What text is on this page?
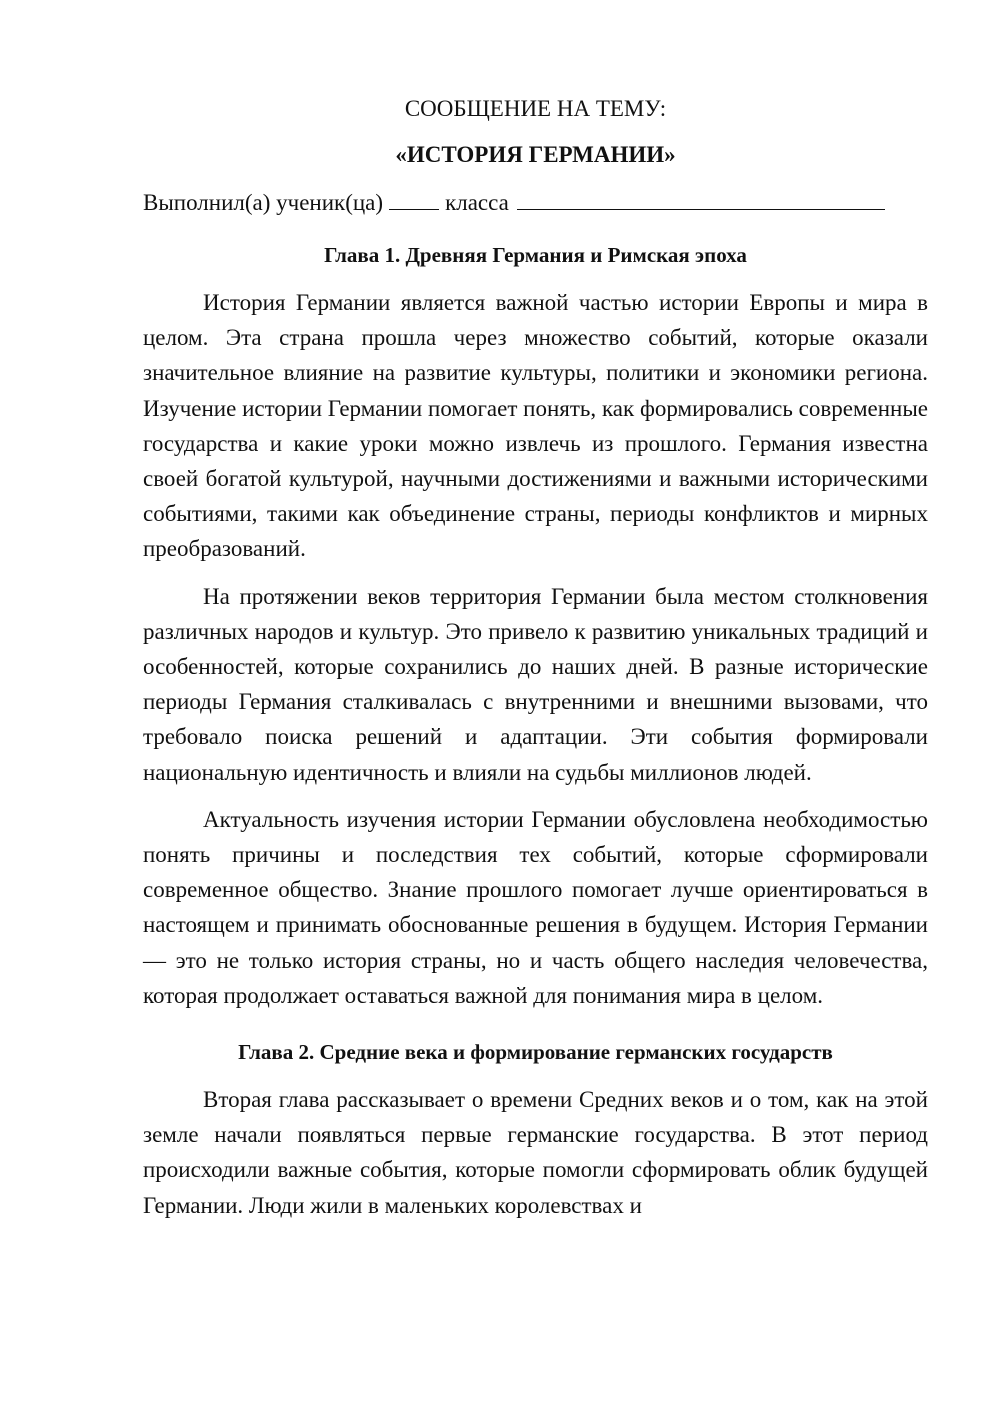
СООБЩЕНИЕ НА ТЕМУ:

«ИСТОРИЯ ГЕРМАНИИ»

Выполнил(а) ученик(ца)	класса
Глава 1. Древняя Германия и Римская эпоха

История Германии является важной частью истории Европы и мира в целом. Эта страна прошла через множество событий, которые оказали значительное влияние на развитие культуры, политики и экономики региона. Изучение истории Германии помогает понять, как формировались современные государства и какие уроки можно извлечь из прошлого. Германия известна своей богатой культурой, научными достижениями и важными историческими событиями, такими как объединение страны, периоды конфликтов и мирных преобразований.

На протяжении веков территория Германии была местом столкновения различных народов и культур. Это привело к развитию уникальных традиций и особенностей, которые сохранились до наших дней. В разные исторические периоды Германия сталкивалась с внутренними и внешними вызовами, что требовало поиска решений и адаптации. Эти события формировали национальную идентичность и влияли на судьбы миллионов людей.

Актуальность изучения истории Германии обусловлена необходимостью понять причины и последствия тех событий, которые сформировали современное общество. Знание прошлого помогает лучше ориентироваться в настоящем и принимать обоснованные решения в будущем. История Германии — это не только история страны, но и часть общего наследия человечества, которая продолжает оставаться важной для понимания мира в целом.

Глава 2. Средние века и формирование германских государств

Вторая глава рассказывает о времени Средних веков и о том, как на этой земле начали появляться первые германские государства. В этот период происходили важные события, которые помогли сформировать облик будущей Германии. Люди жили в маленьких королевствах и
